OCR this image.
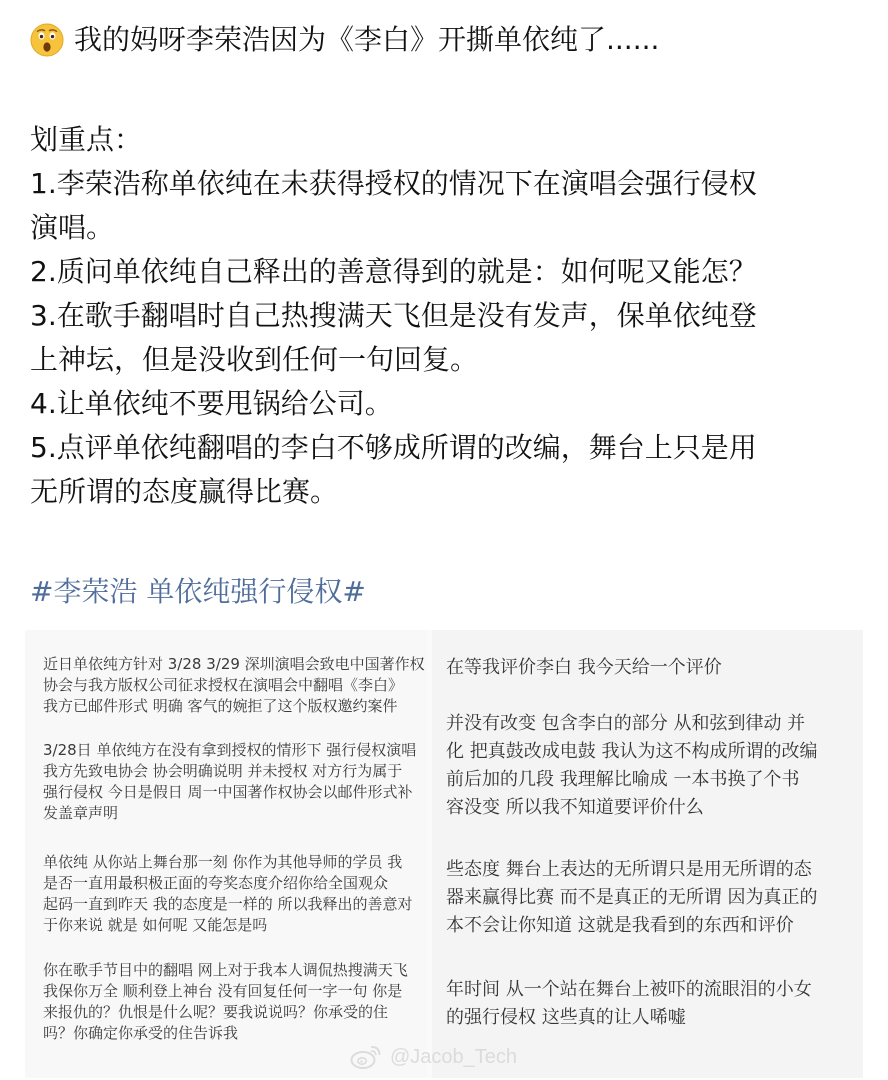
我的妈呀李荣浩因为《李白》开撕单依纯了......
划重点：

1.李荣浩称单依纯在未获得授权的情况下在演唱会强行侵权

演唱。

2.质问单依纯自己释出的善意得到的就是：如何呢又能怎？

3.在歌手翻唱时自己热搜满天飞但是没有发声，保单依纯登

上神坛，但是没收到任何一句回复。

4.让单依纯不要甩锅给公司。

5.点评单依纯翻唱的李白不够成所谓的改编，舞台上只是用

无所谓的态度赢得比赛。

#李荣浩 单依纯强行侵权#
近日单依纯方针对 3/28 3/29 深圳演唱会致电中国著作权
协会与我方版权公司征求授权在演唱会中翻唱《李白》
我方已邮件形式 明确 客气的婉拒了这个版权邀约案件
3/28日 单依纯方在没有拿到授权的情形下 强行侵权演唱
我方先致电协会 协会明确说明 并未授权 对方行为属于
强行侵权 今日是假日 周一中国著作权协会以邮件形式补
发盖章声明
单依纯 从你站上舞台那一刻 你作为其他导师的学员 我
是否一直用最积极正面的夸奖态度介绍你给全国观众
起码一直到昨天 我的态度是一样的 所以我释出的善意对
于你来说 就是 如何呢 又能怎是吗
你在歌手节目中的翻唱 网上对于我本人调侃热搜满天飞
我保你万全 顺利登上神台 没有回复任何一字一句 你是
来报仇的？仇恨是什么呢？要我说说吗？你承受的住
吗？你确定你承受的住告诉我
在等我评价李白 我今天给一个评价
并没有改变 包含李白的部分 从和弦到律动 并
化 把真鼓改成电鼓 我认为这不构成所谓的改编
前后加的几段 我理解比喻成 一本书换了个书
容没变 所以我不知道要评价什么
些态度 舞台上表达的无所谓只是用无所谓的态
器来赢得比赛 而不是真正的无所谓 因为真正的
本不会让你知道 这就是我看到的东西和评价
年时间 从一个站在舞台上被吓的流眼泪的小女
的强行侵权 这些真的让人唏嘘
@Jacob_Tech
